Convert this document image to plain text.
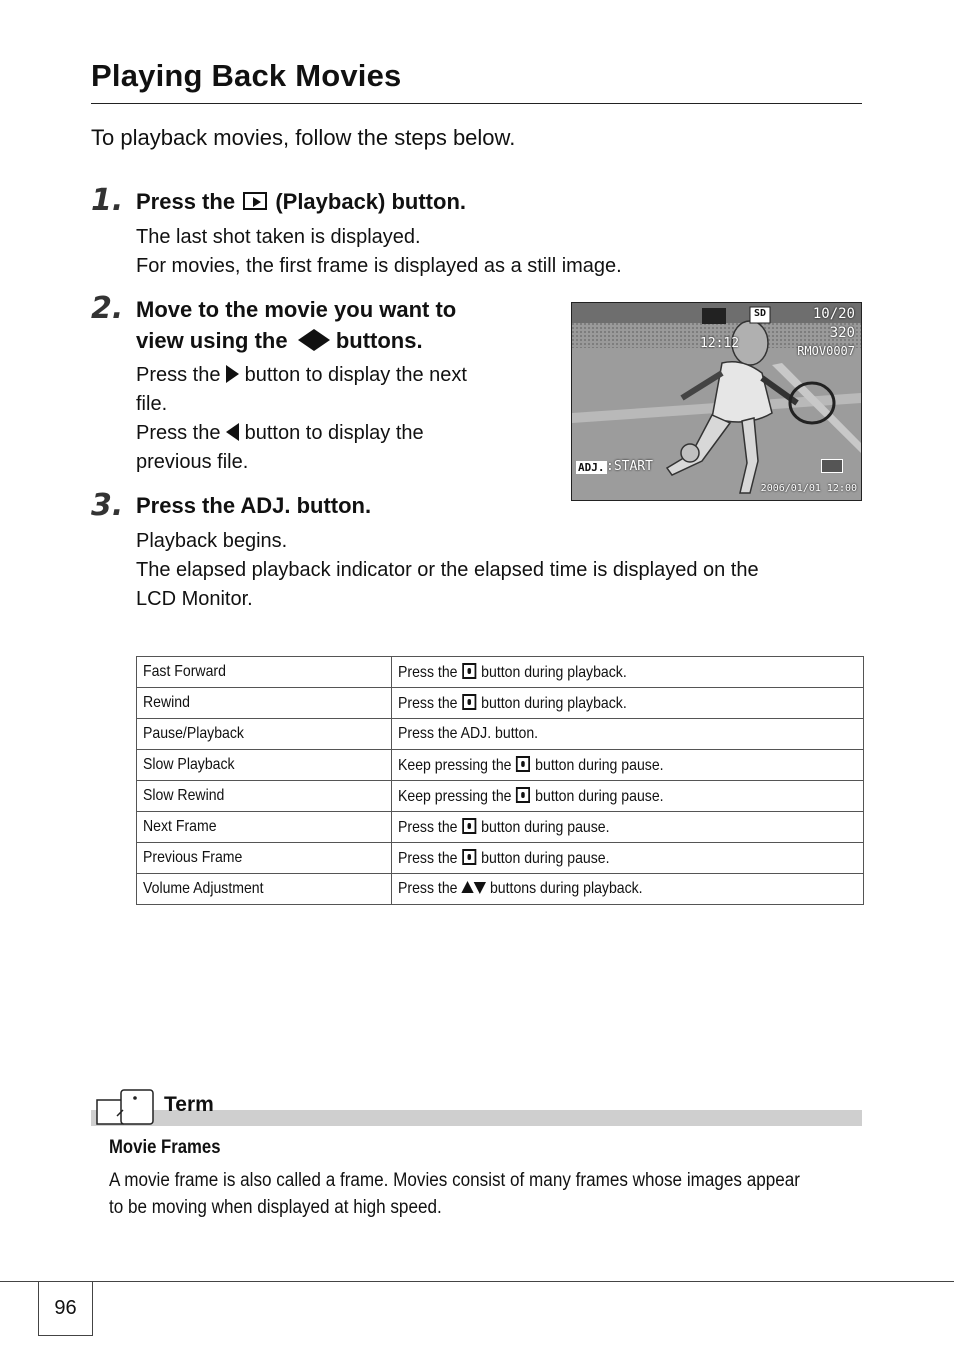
Playing Back Movies
To playback movies, follow the steps below.
1. Press the (Playback) button.
The last shot taken is displayed.
For movies, the first frame is displayed as a still image.
2. Move to the movie you want to
view using the buttons.
Press the button to display the next
file.
Press the button to display the
previous file.
SD	10/20
320
RMOV0007
12:12
ADJ. :START
2006/01/01 12:00
3. Press the ADJ. button.
Playback begins.
The elapsed playback indicator or the elapsed time is displayed on the
LCD Monitor.
Fast Forward	Press the button during playback.
Rewind	Press the button during playback.
Pause/Playback	Press the ADJ. button.
Slow Playback	Keep pressing the button during pause.
Slow Rewind	Keep pressing the button during pause.
Next Frame	Press the button during pause.
Previous Frame	Press the button during pause.
Volume Adjustment	Press the buttons during playback.
Term
Movie Frames
A movie frame is also called a frame. Movies consist of many frames whose images appear
to be moving when displayed at high speed.
96
